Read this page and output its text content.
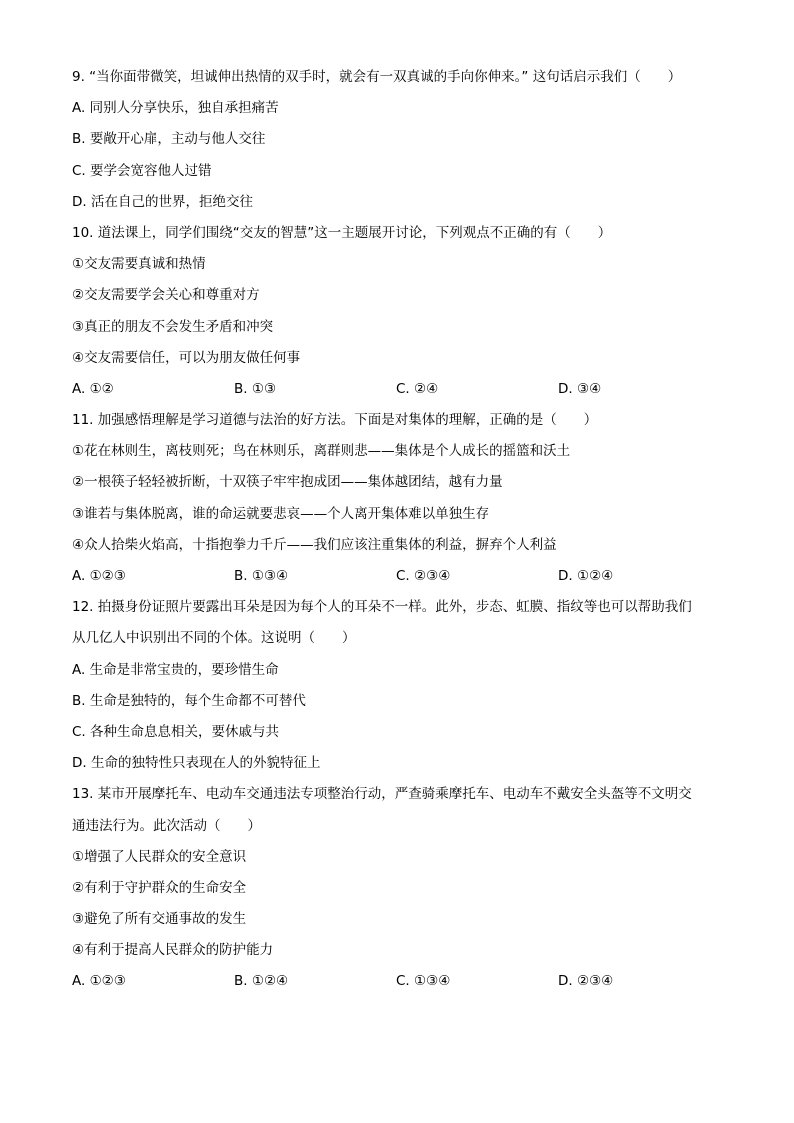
9. “当你面带微笑，坦诚伸出热情的双手时，就会有一双真诚的手向你伸来。” 这句话启示我们（　　）
A. 同别人分享快乐，独自承担痛苦
B. 要敞开心扉，主动与他人交往
C. 要学会宽容他人过错
D. 活在自己的世界，拒绝交往
10. 道法课上，同学们围绕“交友的智慧”这一主题展开讨论，下列观点不正确的有（　　）
①交友需要真诚和热情
②交友需要学会关心和尊重对方
③真正的朋友不会发生矛盾和冲突
④交友需要信任，可以为朋友做任何事
A. ①②	B. ①③	C. ②④	D. ③④
11. 加强感悟理解是学习道德与法治的好方法。下面是对集体的理解，正确的是（　　）
①花在林则生，离枝则死；鸟在林则乐，离群则悲——集体是个人成长的摇篮和沃土
②一根筷子轻轻被折断，十双筷子牢牢抱成团——集体越团结，越有力量
③谁若与集体脱离，谁的命运就要悲哀——个人离开集体难以单独生存
④众人拾柴火焰高，十指抱拳力千斤——我们应该注重集体的利益，摒弃个人利益
A. ①②③	B. ①③④	C. ②③④	D. ①②④
12. 拍摄身份证照片要露出耳朵是因为每个人的耳朵不一样。此外，步态、虹膜、指纹等也可以帮助我们
从几亿人中识别出不同的个体。这说明（　　）
A. 生命是非常宝贵的，要珍惜生命
B. 生命是独特的，每个生命都不可替代
C. 各种生命息息相关，要休戚与共
D. 生命的独特性只表现在人的外貌特征上
13. 某市开展摩托车、电动车交通违法专项整治行动，严查骑乘摩托车、电动车不戴安全头盔等不文明交
通违法行为。此次活动（　　）
①增强了人民群众的安全意识
②有利于守护群众的生命安全
③避免了所有交通事故的发生
④有利于提高人民群众的防护能力
A. ①②③	B. ①②④	C. ①③④	D. ②③④
